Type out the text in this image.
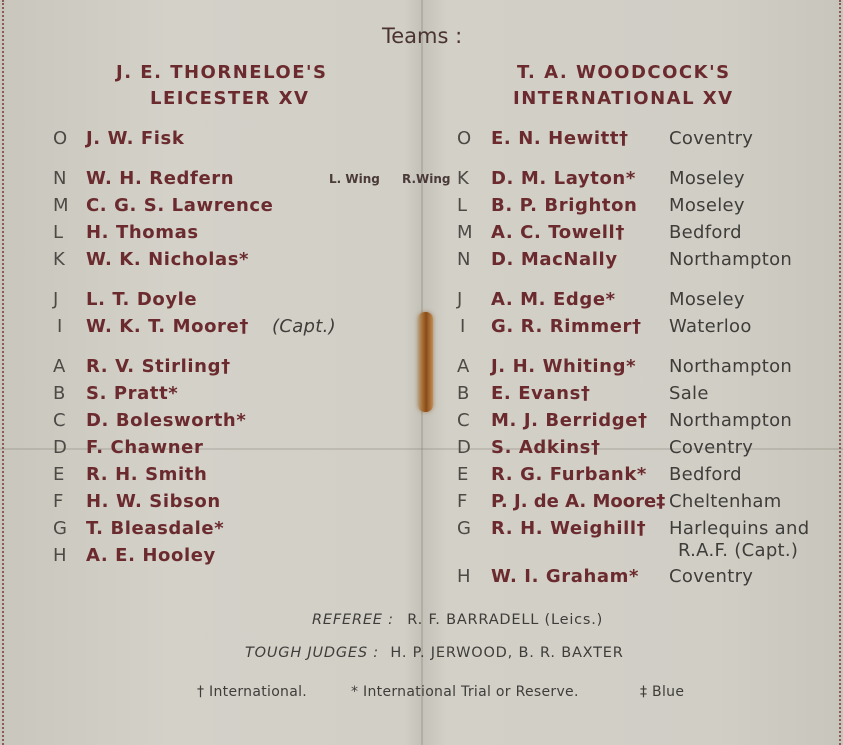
Teams :
J. E. THORNELOE'S
LEICESTER XV
T. A. WOODCOCK'S
INTERNATIONAL XV
O J. W. Fisk
N W. H. Redfern
M C. G. S. Lawrence
L H. Thomas
K W. K. Nicholas*
J L. T. Doyle
I W. K. T. Moore† (Capt.)
A R. V. Stirling†
B S. Pratt*
C D. Bolesworth*
D F. Chawner
E R. H. Smith
F H. W. Sibson
G T. Bleasdale*
H A. E. Hooley
L. Wing R.Wing
O E. N. Hewitt† Coventry
K D. M. Layton* Moseley
L B. P. Brighton Moseley
M A. C. Towell† Bedford
N D. MacNally	Northampton
J A. M. Edge*	Moseley
I G. R. Rimmer† Waterloo
A J. H. Whiting* Northampton
B E. Evans†	Sale
C M. J. Berridge† Northampton
D S. Adkins†	Coventry
E R. G. Furbank* Bedford
F P. J. de A. Moore‡ Cheltenham
G R. H. Weighill† Harlequins and
R.A.F. (Capt.)
H W. I. Graham* Coventry
REFEREE : R. F. BARRADELL (Leics.)
TOUGH JUDGES : H. P. JERWOOD, B. R. BAXTER
† International.	* International Trial or Reserve.	‡ Blue
